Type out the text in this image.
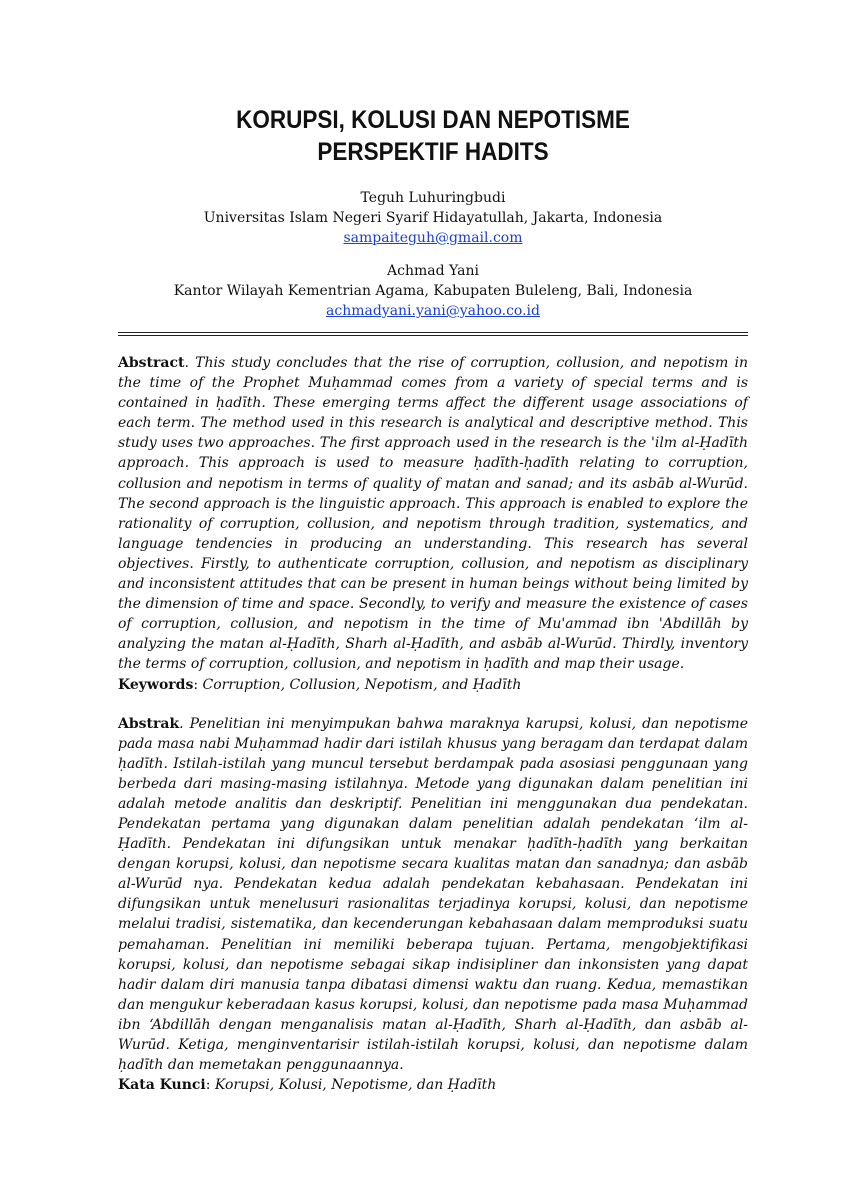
KORUPSI, KOLUSI DAN NEPOTISME
PERSPEKTIF HADITS
Teguh Luhuringbudi
Universitas Islam Negeri Syarif Hidayatullah, Jakarta, Indonesia
sampaiteguh@gmail.com
Achmad Yani
Kantor Wilayah Kementrian Agama, Kabupaten Buleleng, Bali, Indonesia
achmadyani.yani@yahoo.co.id

Abstract. This study concludes that the rise of corruption, collusion, and nepotism in the time of the Prophet Muḥammad comes from a variety of special terms and is contained in ḥadīth. These emerging terms affect the different usage associations of each term. The method used in this research is analytical and descriptive method. This study uses two approaches. The first approach used in the research is the 'ilm al-Ḥadīth approach. This approach is used to measure ḥadīth-ḥadīth relating to corruption, collusion and nepotism in terms of quality of matan and sanad; and its asbāb al-Wurūd. The second approach is the linguistic approach. This approach is enabled to explore the rationality of corruption, collusion, and nepotism through tradition, systematics, and language tendencies in producing an understanding. This research has several objectives. Firstly, to authenticate corruption, collusion, and nepotism as disciplinary and inconsistent attitudes that can be present in human beings without being limited by the dimension of time and space. Secondly, to verify and measure the existence of cases of corruption, collusion, and nepotism in the time of Mu'ammad ibn 'Abdillāh by analyzing the matan al-Ḥadīth, Sharh al-Ḥadīth, and asbāb al-Wurūd. Thirdly, inventory the terms of corruption, collusion, and nepotism in ḥadīth and map their usage.

Keywords: Corruption, Collusion, Nepotism, and Ḥadīth

Abstrak. Penelitian ini menyimpukan bahwa maraknya karupsi, kolusi, dan nepotisme pada masa nabi Muḥammad hadir dari istilah khusus yang beragam dan terdapat dalam ḥadīth. Istilah-istilah yang muncul tersebut berdampak pada asosiasi penggunaan yang berbeda dari masing-masing istilahnya. Metode yang digunakan dalam penelitian ini adalah metode analitis dan deskriptif. Penelitian ini menggunakan dua pendekatan. Pendekatan pertama yang digunakan dalam penelitian adalah pendekatan ‘ilm al-Ḥadīth. Pendekatan ini difungsikan untuk menakar ḥadīth-ḥadīth yang berkaitan dengan korupsi, kolusi, dan nepotisme secara kualitas matan dan sanadnya; dan asbāb al-Wurūd nya. Pendekatan kedua adalah pendekatan kebahasaan. Pendekatan ini difungsikan untuk menelusuri rasionalitas terjadinya korupsi, kolusi, dan nepotisme melalui tradisi, sistematika, dan kecenderungan kebahasaan dalam memproduksi suatu pemahaman. Penelitian ini memiliki beberapa tujuan. Pertama, mengobjektifikasi korupsi, kolusi, dan nepotisme sebagai sikap indisipliner dan inkonsisten yang dapat hadir dalam diri manusia tanpa dibatasi dimensi waktu dan ruang. Kedua, memastikan dan mengukur keberadaan kasus korupsi, kolusi, dan nepotisme pada masa Muḥammad ibn ‘Abdillāh dengan menganalisis matan al-Ḥadīth, Sharh al-Ḥadīth, dan asbāb al-Wurūd. Ketiga, menginventarisir istilah-istilah korupsi, kolusi, dan nepotisme dalam ḥadīth dan memetakan penggunaannya.

Kata Kunci: Korupsi, Kolusi, Nepotisme, dan Ḥadīth
